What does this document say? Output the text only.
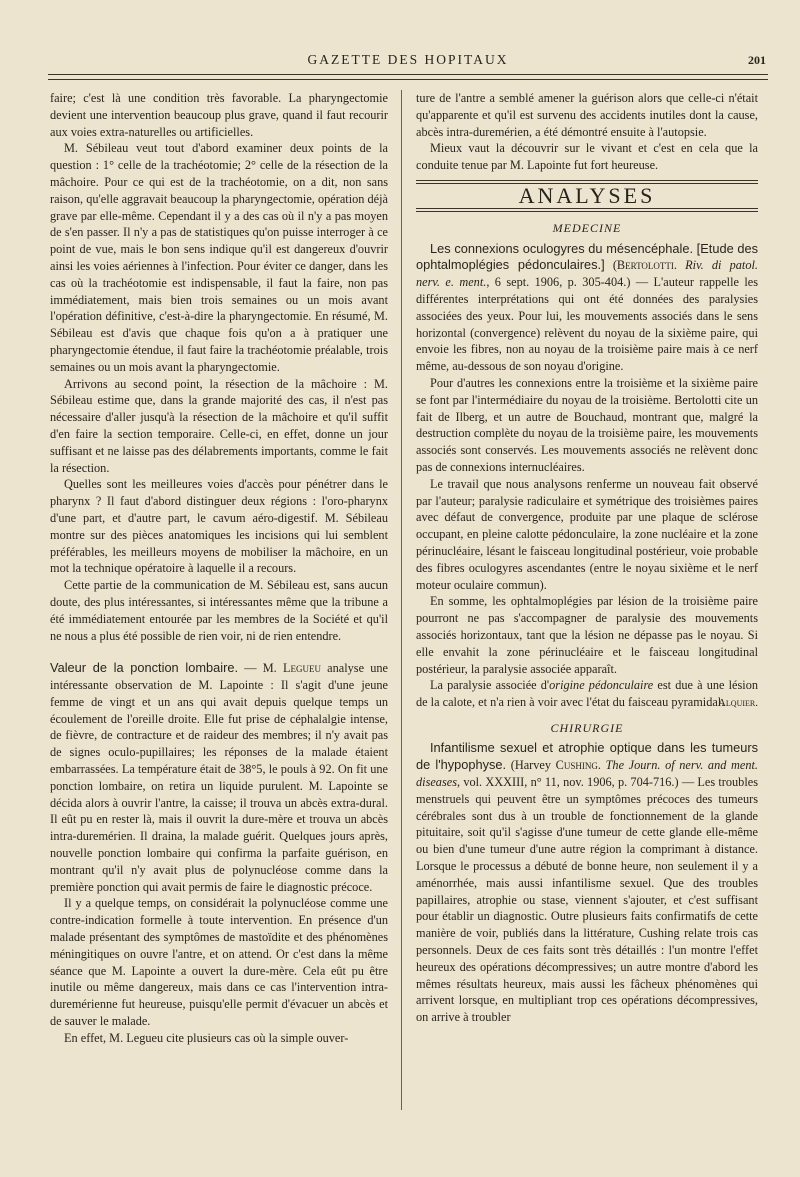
GAZETTE DES HOPITAUX	201

faire; c'est là une condition très favorable. La pharyngectomie devient une intervention beaucoup plus grave, quand il faut recourir aux voies extra-naturelles ou artificielles.

M. Sébileau veut tout d'abord examiner deux points de la question : 1° celle de la trachéotomie; 2° celle de la résection de la mâchoire. Pour ce qui est de la trachéotomie, on a dit, non sans raison, qu'elle aggravait beaucoup la pharyngectomie, opération déjà grave par elle-même. Cependant il y a des cas où il n'y a pas moyen de s'en passer. Il n'y a pas de statistiques qu'on puisse interroger à ce point de vue, mais le bon sens indique qu'il est dangereux d'ouvrir ainsi les voies aériennes à l'infection. Pour éviter ce danger, dans les cas où la trachéotomie est indispensable, il faut la faire, non pas immédiatement, mais bien trois semaines ou un mois avant l'opération définitive, c'est-à-dire la pharyngectomie. En résumé, M. Sébileau est d'avis que chaque fois qu'on a à pratiquer une pharyngectomie étendue, il faut faire la trachéotomie préalable, trois semaines ou un mois avant la pharyngectomie.

Arrivons au second point, la résection de la mâchoire : M. Sébileau estime que, dans la grande majorité des cas, il n'est pas nécessaire d'aller jusqu'à la résection de la mâchoire et qu'il suffit d'en faire la section temporaire. Celle-ci, en effet, donne un jour suffisant et ne laisse pas des délabrements importants, comme le fait la résection.

Quelles sont les meilleures voies d'accès pour pénétrer dans le pharynx ? Il faut d'abord distinguer deux régions : l'oro-pharynx d'une part, et d'autre part, le cavum aéro-digestif. M. Sébileau montre sur des pièces anatomiques les incisions qui lui semblent préférables, les meilleurs moyens de mobiliser la mâchoire, en un mot la technique opératoire à laquelle il a recours.

Cette partie de la communication de M. Sébileau est, sans aucun doute, des plus intéressantes, si intéressantes même que la tribune a été immédiatement entourée par les membres de la Société et qu'il ne nous a plus été possible de rien voir, ni de rien entendre.

Valeur de la ponction lombaire. — M. Legueu analyse une intéressante observation de M. Lapointe : Il s'agit d'une jeune femme de vingt et un ans qui avait depuis quelque temps un écoulement de l'oreille droite. Elle fut prise de céphalalgie intense, de fièvre, de contracture et de raideur des membres; il n'y avait pas de signes oculo-pupillaires; les réponses de la malade étaient embarrassées. La température était de 38°5, le pouls à 92. On fit une ponction lombaire, on retira un liquide purulent. M. Lapointe se décida alors à ouvrir l'antre, la caisse; il trouva un abcès extra-dural. Il eût pu en rester là, mais il ouvrit la dure-mère et trouva un abcès intra-duremérien. Il draina, la malade guérit. Quelques jours après, nouvelle ponction lombaire qui confirma la parfaite guérison, en montrant qu'il n'y avait plus de polynucléose comme dans la première ponction qui avait permis de faire le diagnostic précoce.

Il y a quelque temps, on considérait la polynucléose comme une contre-indication formelle à toute intervention. En présence d'un malade présentant des symptômes de mastoïdite et des phénomènes méningitiques on ouvre l'antre, et on attend. Or c'est dans la même séance que M. Lapointe a ouvert la dure-mère. Cela eût pu être inutile ou même dangereux, mais dans ce cas l'intervention intra-duremérienne fut heureuse, puisqu'elle permit d'évacuer un abcès et de sauver le malade.

En effet, M. Legueu cite plusieurs cas où la simple ouver-

ture de l'antre a semblé amener la guérison alors que celle-ci n'était qu'apparente et qu'il est survenu des accidents inutiles dont la cause, abcès intra-duremérien, a été démontré ensuite à l'autopsie.

Mieux vaut la découvrir sur le vivant et c'est en cela que la conduite tenue par M. Lapointe fut fort heureuse.

ANALYSES
MEDECINE

Les connexions oculogyres du mésencéphale. [Etude des ophtalmoplégies pédonculaires.] (Bertolotti. Riv. di patol. nerv. e. ment., 6 sept. 1906, p. 305-404.) — L'auteur rappelle les différentes interprétations qui ont été données des paralysies associées des yeux. Pour lui, les mouvements associés dans le sens horizontal (convergence) relèvent du noyau de la sixième paire, qui envoie les fibres, non au noyau de la troisième paire mais à ce nerf même, au-dessous de son noyau d'origine.

Pour d'autres les connexions entre la troisième et la sixième paire se font par l'intermédiaire du noyau de la troisième. Bertolotti cite un fait de Ilberg, et un autre de Bouchaud, montrant que, malgré la destruction complète du noyau de la troisième paire, les mouvements associés sont conservés. Les mouvements associés ne relèvent donc pas de connexions internucléaires.

Le travail que nous analysons renferme un nouveau fait observé par l'auteur; paralysie radiculaire et symétrique des troisièmes paires avec défaut de convergence, produite par une plaque de sclérose occupant, en pleine calotte pédonculaire, la zone nucléaire et la zone périnucléaire, lésant le faisceau longitudinal postérieur, voie probable des fibres oculogyres ascendantes (entre le noyau sixième et le nerf moteur oculaire commun).

En somme, les ophtalmoplégies par lésion de la troisième paire pourront ne pas s'accompagner de paralysie des mouvements associés horizontaux, tant que la lésion ne dépasse pas le noyau. Si elle envahit la zone périnucléaire et le faisceau longitudinal postérieur, la paralysie associée apparaît.

La paralysie associée d'origine pédonculaire est due à une lésion de la calote, et n'a rien à voir avec l'état du faisceau pyramidal.

Alquier.
CHIRURGIE

Infantilisme sexuel et atrophie optique dans les tumeurs de l'hypophyse. (Harvey Cushing. The Journ. of nerv. and ment. diseases, vol. XXXIII, n° 11, nov. 1906, p. 704-716.) — Les troubles menstruels qui peuvent être un symptômes précoces des tumeurs cérébrales sont dus à un trouble de fonctionnement de la glande pituitaire, soit qu'il s'agisse d'une tumeur de cette glande elle-même ou bien d'une tumeur d'une autre région la comprimant à distance. Lorsque le processus a débuté de bonne heure, non seulement il y a aménorrhée, mais aussi infantilisme sexuel. Que des troubles papillaires, atrophie ou stase, viennent s'ajouter, et c'est suffisant pour établir un diagnostic. Outre plusieurs faits confirmatifs de cette manière de voir, publiés dans la littérature, Cushing relate trois cas personnels. Deux de ces faits sont très détaillés : l'un montre l'effet heureux des opérations décompressives; un autre montre d'abord les mêmes résultats heureux, mais aussi les fâcheux phénomènes qui arrivent lorsque, en multipliant trop ces opérations décompressives, on arrive à troubler
